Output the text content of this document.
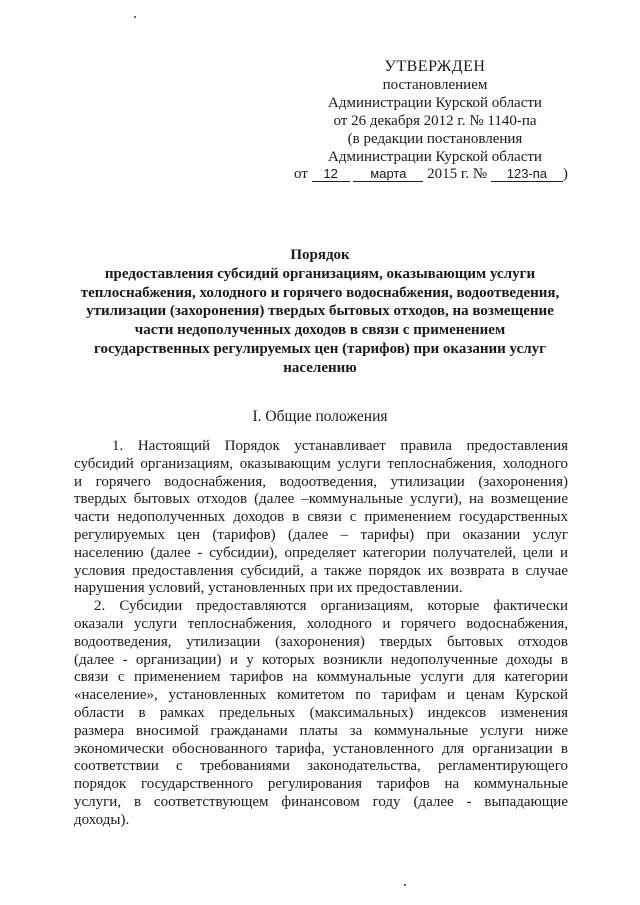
УТВЕРЖДЕН
постановлением
Администрации Курской области
от 26 декабря 2012 г. № 1140-па
(в редакции постановления
Администрации Курской области
от 12 марта 2015 г. № 123-па )
Порядок
предоставления субсидий организациям, оказывающим услуги
теплоснабжения, холодного и горячего водоснабжения, водоотведения,
утилизации (захоронения) твердых бытовых отходов, на возмещение
части недополученных доходов в связи с применением
государственных регулируемых цен (тарифов) при оказании услуг
населению
I. Общие положения
1. Настоящий Порядок устанавливает правила предоставления
субсидий организациям, оказывающим услуги теплоснабжения, холодного
и горячего водоснабжения, водоотведения, утилизации (захоронения)
твердых бытовых отходов (далее –коммунальные услуги), на возмещение
части недополученных доходов в связи с применением государственных
регулируемых цен (тарифов) (далее – тарифы) при оказании услуг
населению (далее - субсидии), определяет категории получателей, цели и
условия предоставления субсидий, а также порядок их возврата в случае
нарушения условий, установленных при их предоставлении.
2. Субсидии предоставляются организациям, которые фактически
оказали услуги теплоснабжения, холодного и горячего водоснабжения,
водоотведения, утилизации (захоронения) твердых бытовых отходов
(далее - организации) и у которых возникли недополученные доходы в
связи с применением тарифов на коммунальные услуги для категории
«население», установленных комитетом по тарифам и ценам Курской
области в рамках предельных (максимальных) индексов изменения
размера вносимой гражданами платы за коммунальные услуги ниже
экономически обоснованного тарифа, установленного для организации в
соответствии с требованиями законодательства, регламентирующего
порядок государственного регулирования тарифов на коммунальные
услуги, в соответствующем финансовом году (далее - выпадающие
доходы).
